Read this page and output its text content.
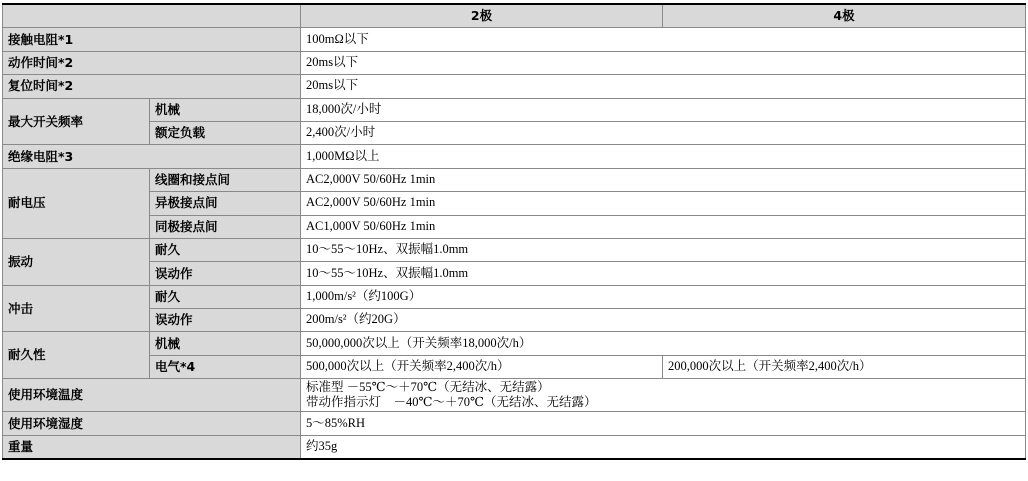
		2极	4极
接触电阻*1		100mΩ以下	
动作时间*2		20ms以下	
复位时间*2		20ms以下	
最大开关频率	机械	18,000次/小时	
	额定负载	2,400次/小时	
绝缘电阻*3		1,000MΩ以上	
耐电压	线圈和接点间	AC2,000V 50/60Hz 1min	
	异极接点间	AC2,000V 50/60Hz 1min	
	同极接点间	AC1,000V 50/60Hz 1min	
振动	耐久	10～55～10Hz、双振幅1.0mm	
	误动作	10～55～10Hz、双振幅1.0mm	
冲击	耐久	1,000m/s²（约100G）	
	误动作	200m/s²（约20G）	
耐久性	机械	50,000,000次以上（开关频率18,000次/h）	
	电气*4	500,000次以上（开关频率2,400次/h）	200,000次以上（开关频率2,400次/h）
使用环境温度		标准型 －55℃～＋70℃（无结冰、无结露）
带动作指示灯　－40℃～＋70℃（无结冰、无结露）	

使用环境湿度		5～85%RH	
重量		约35g	
